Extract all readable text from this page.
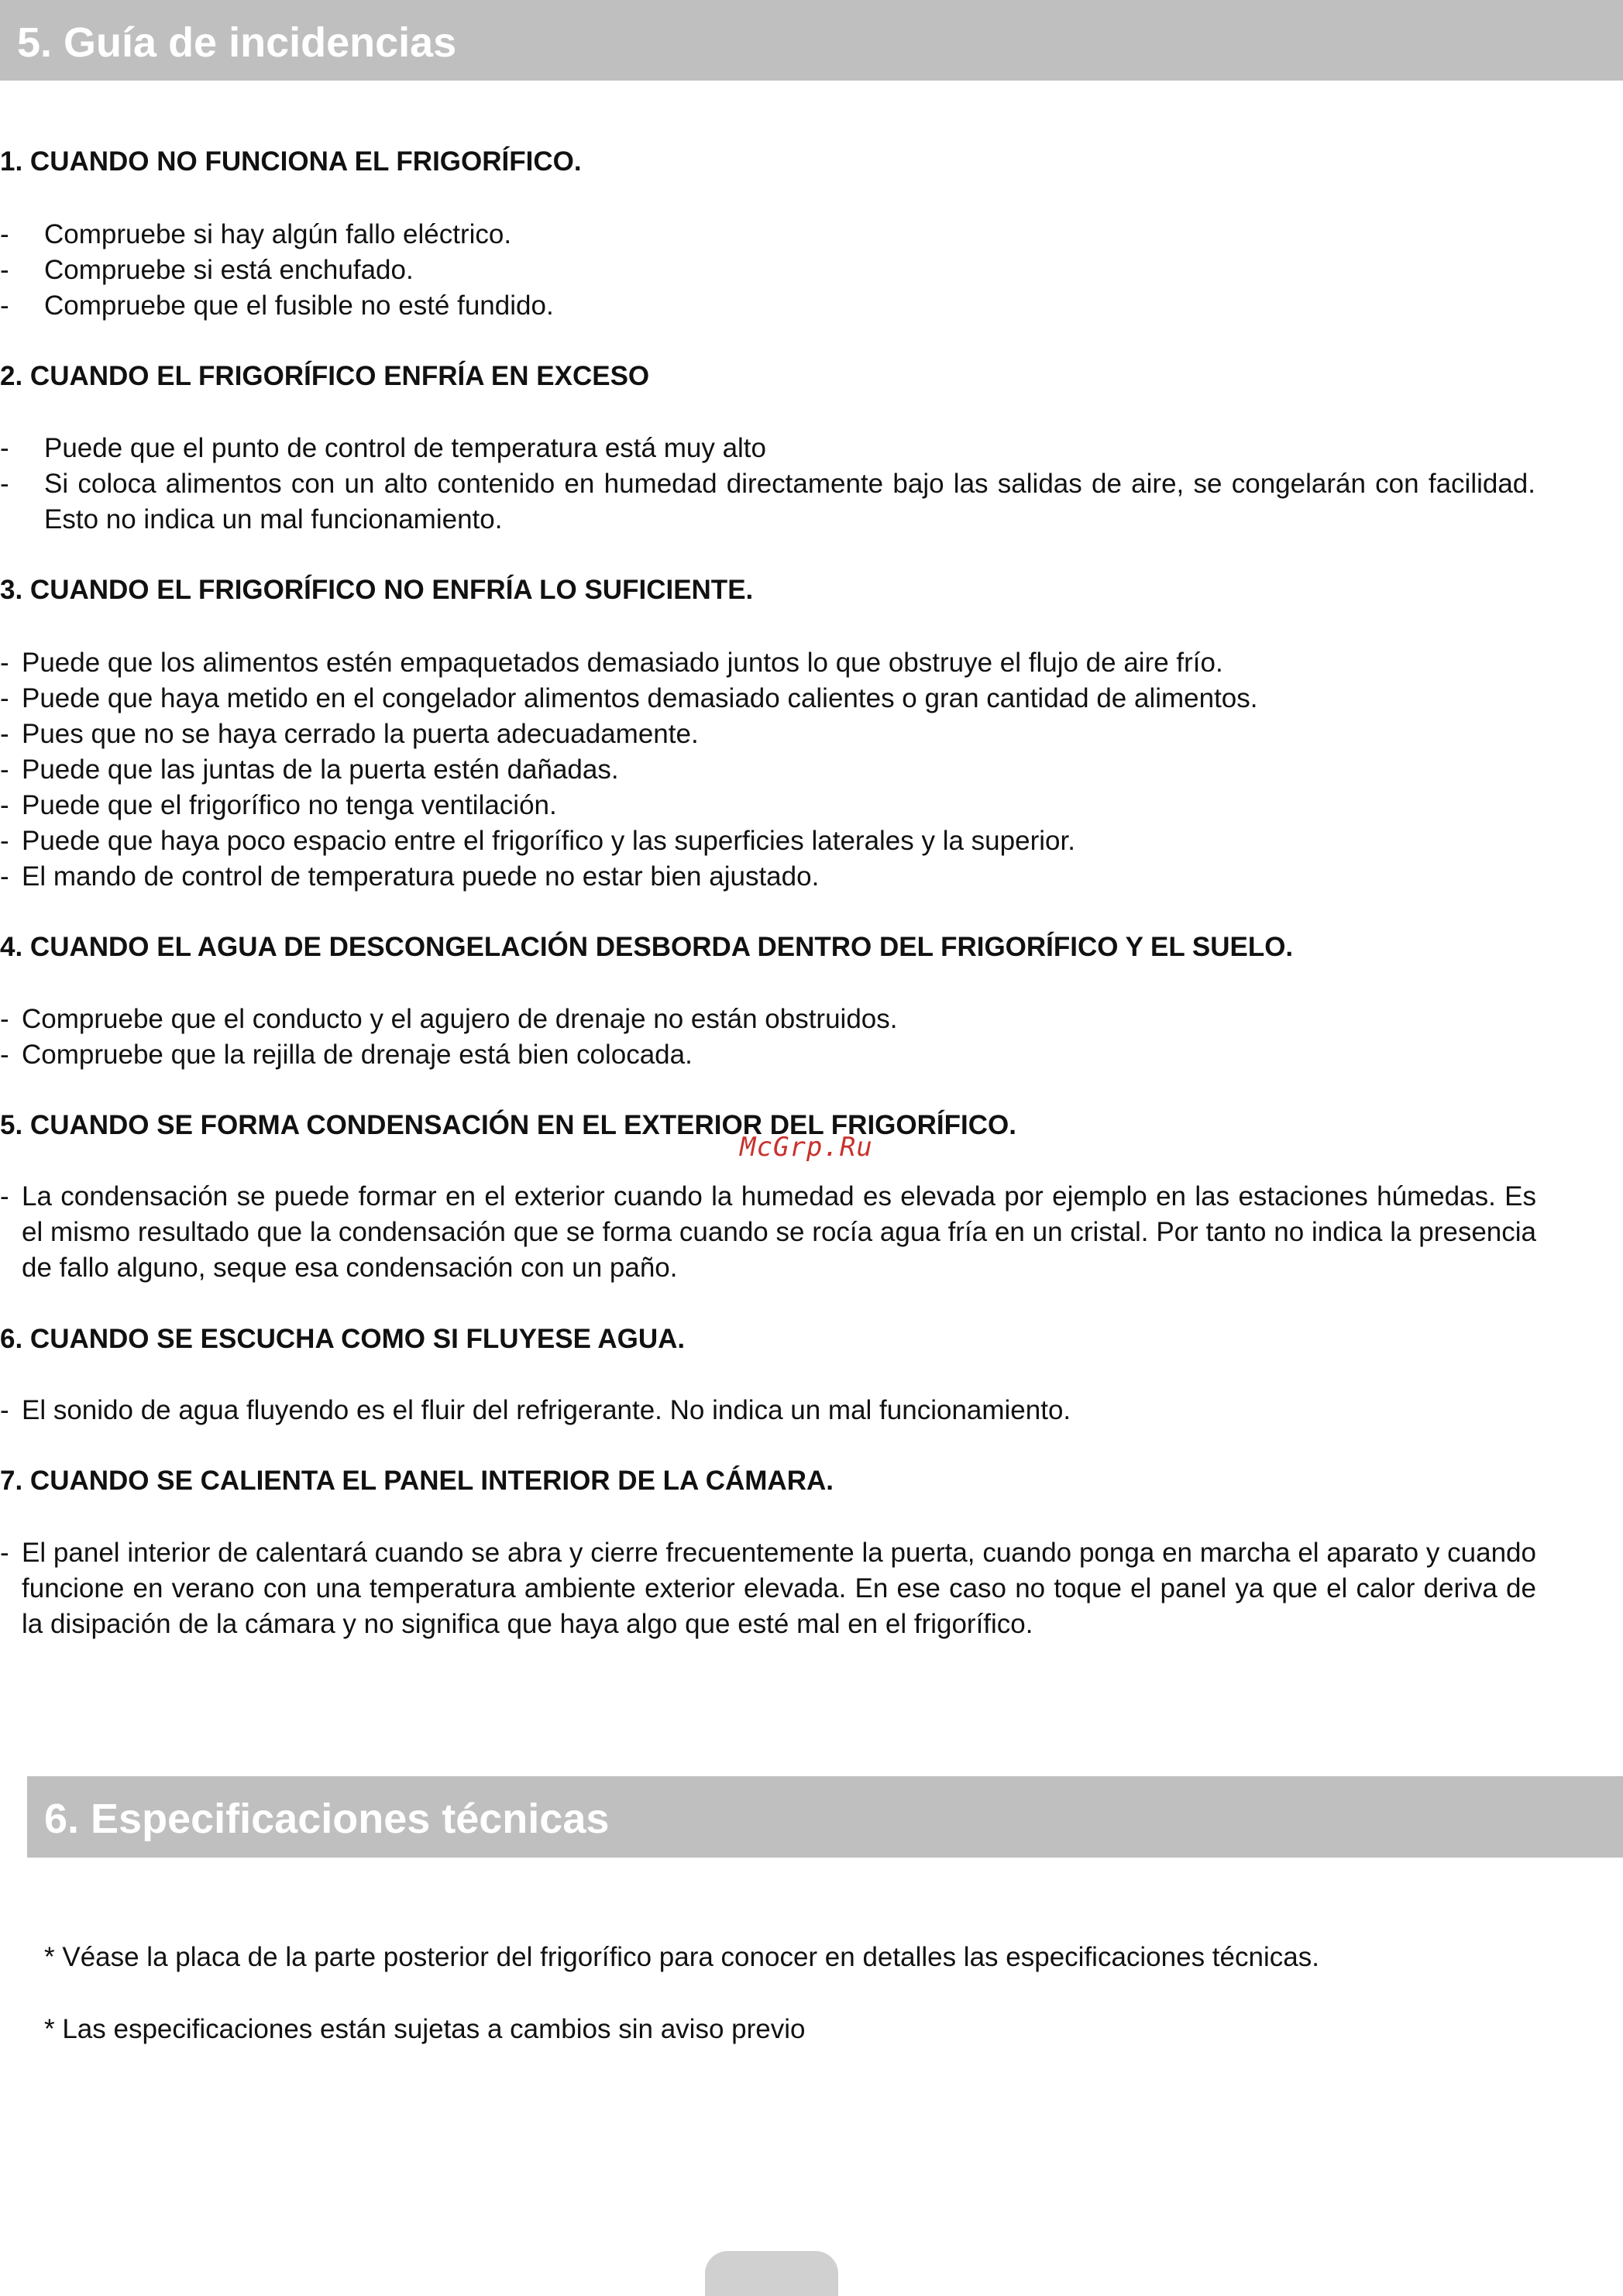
5. Guía de incidencias
1. CUANDO NO FUNCIONA EL FRIGORÍFICO.
- Compruebe si hay algún fallo eléctrico.
- Compruebe si está enchufado.
- Compruebe que el fusible no esté fundido.
2. CUANDO EL FRIGORÍFICO ENFRÍA EN EXCESO
- Puede que el punto de control de temperatura está muy alto
- Si coloca alimentos con un alto contenido en humedad directamente bajo las salidas de aire, se congelarán con facilidad. Esto no indica un mal funcionamiento.
3. CUANDO EL FRIGORÍFICO NO ENFRÍA LO SUFICIENTE.
- Puede que los alimentos estén empaquetados demasiado juntos lo que obstruye el flujo de aire frío.
- Puede que haya metido en el congelador alimentos demasiado calientes o gran cantidad de alimentos.
- Pues que no se haya cerrado la puerta adecuadamente.
- Puede que las juntas de la puerta estén dañadas.
- Puede que el frigorífico no tenga ventilación.
- Puede que haya poco espacio entre el frigorífico y las superficies laterales y la superior.
- El mando de control de temperatura puede no estar bien ajustado.
4. CUANDO EL AGUA DE DESCONGELACIÓN DESBORDA DENTRO DEL FRIGORÍFICO Y EL SUELO.
- Compruebe que el conducto y el agujero de drenaje no están obstruidos.
- Compruebe que la rejilla de drenaje está bien colocada.
5. CUANDO SE FORMA CONDENSACIÓN EN EL EXTERIOR DEL FRIGORÍFICO.
- La condensación se puede formar en el exterior cuando la humedad es elevada por ejemplo en las estaciones húmedas. Es el mismo resultado que la condensación que se forma cuando se rocía agua fría en un cristal. Por tanto no indica la presencia de fallo alguno, seque esa condensación con un paño.
6. CUANDO SE ESCUCHA COMO SI FLUYESE AGUA.
- El sonido de agua fluyendo es el fluir del refrigerante. No indica un mal funcionamiento.
7. CUANDO SE CALIENTA EL PANEL INTERIOR DE LA CÁMARA.
- El panel interior de calentará cuando se abra y cierre frecuentemente la puerta, cuando ponga en marcha el aparato y cuando funcione en verano con una temperatura ambiente exterior elevada. En ese caso no toque el panel ya que el calor deriva de la disipación de la cámara y no significa que haya algo que esté mal en el frigorífico.
McGrp.Ru
6. Especificaciones técnicas
* Véase la placa de la parte posterior del frigorífico para conocer en detalles las especificaciones técnicas.
* Las especificaciones están sujetas a cambios sin aviso previo
